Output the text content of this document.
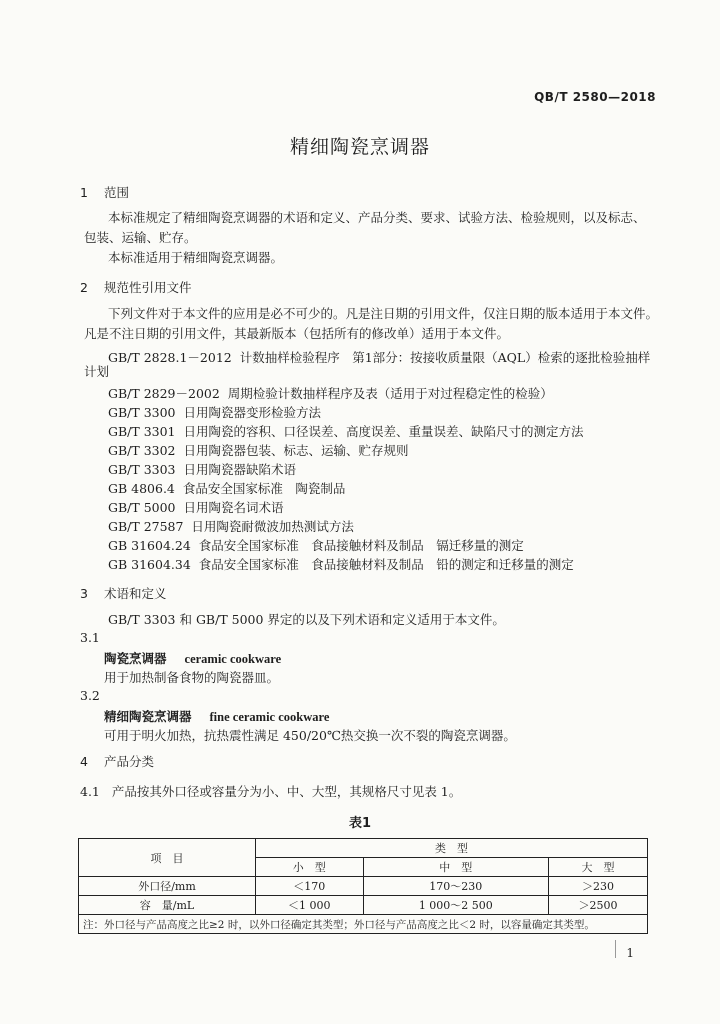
QB/T 2580—2018
精细陶瓷烹调器
1 范围
本标准规定了精细陶瓷烹调器的术语和定义、产品分类、要求、试验方法、检验规则，以及标志、
包装、运输、贮存。
本标准适用于精细陶瓷烹调器。
2 规范性引用文件
下列文件对于本文件的应用是必不可少的。凡是注日期的引用文件，仅注日期的版本适用于本文件。
凡是不注日期的引用文件，其最新版本（包括所有的修改单）适用于本文件。
GB/T 2828.1－2012 计数抽样检验程序　第1部分：按接收质量限（AQL）检索的逐批检验抽样
计划
GB/T 2829－2002 周期检验计数抽样程序及表（适用于对过程稳定性的检验）
GB/T 3300 日用陶瓷器变形检验方法
GB/T 3301 日用陶瓷的容积、口径误差、高度误差、重量误差、缺陷尺寸的测定方法
GB/T 3302 日用陶瓷器包装、标志、运输、贮存规则
GB/T 3303 日用陶瓷器缺陷术语
GB 4806.4 食品安全国家标准　陶瓷制品
GB/T 5000 日用陶瓷名词术语
GB/T 27587 日用陶瓷耐微波加热测试方法
GB 31604.24 食品安全国家标准　食品接触材料及制品　镉迁移量的测定
GB 31604.34 食品安全国家标准　食品接触材料及制品　铅的测定和迁移量的测定
3 术语和定义
GB/T 3303 和 GB/T 5000 界定的以及下列术语和定义适用于本文件。
3.1
陶瓷烹调器 ceramic cookware
用于加热制备食物的陶瓷器皿。
3.2
精细陶瓷烹调器 fine ceramic cookware
可用于明火加热，抗热震性满足 450/20℃热交换一次不裂的陶瓷烹调器。
4 产品分类
4.1 产品按其外口径或容量分为小、中、大型，其规格尺寸见表 1。
表1
项　目	类　型		
	小　型	中　型	大　型
外口径/mm	＜170	170～230	＞230
容　量/mL	＜1 000	1 000～2 500	＞2500
注：外口径与产品高度之比≥2 时，以外口径确定其类型；外口径与产品高度之比＜2 时，以容量确定其类型。			
1
